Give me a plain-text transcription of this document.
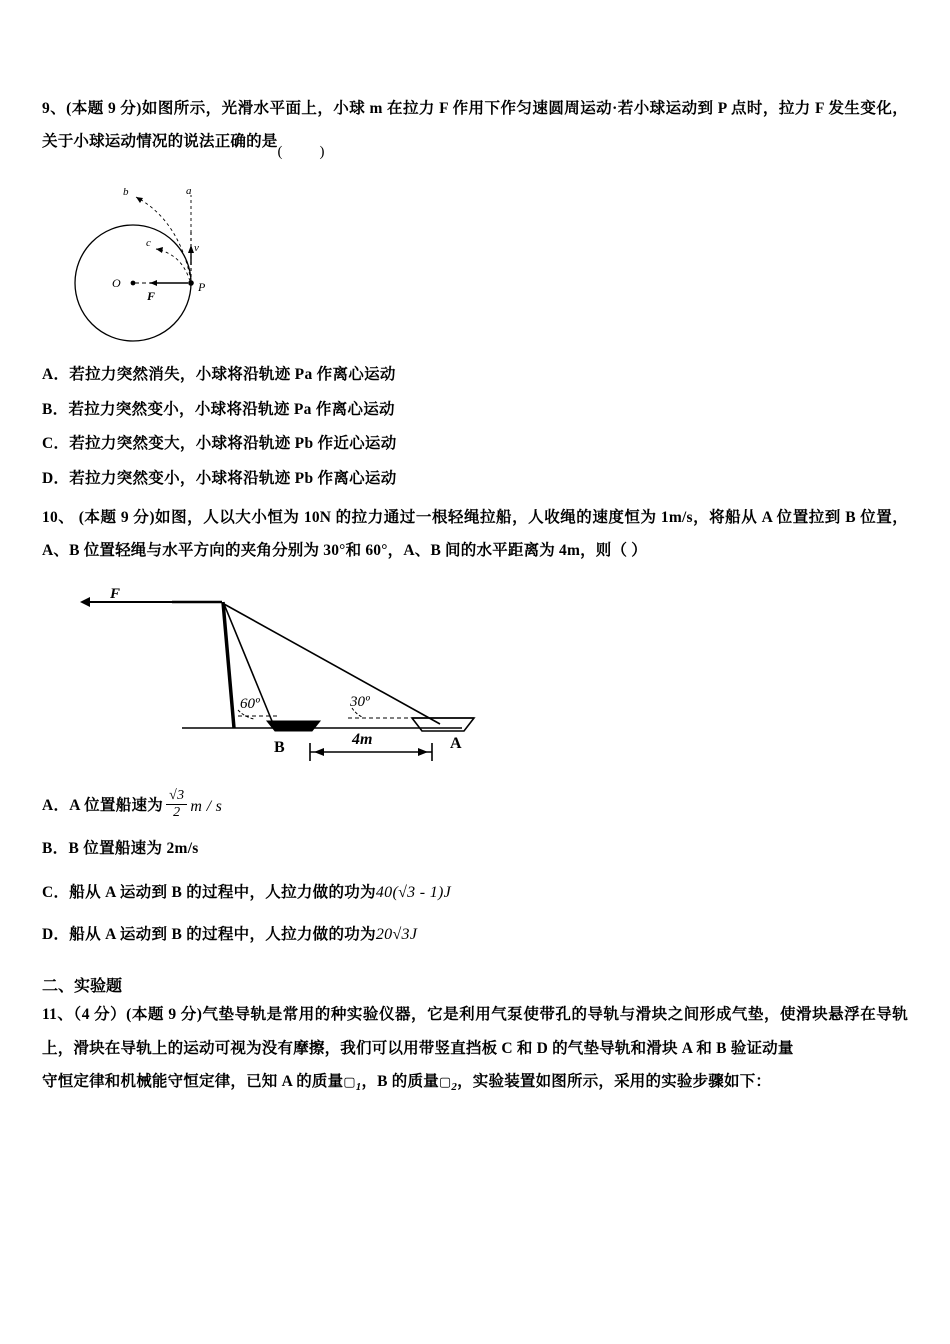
9、(本题 9 分)如图所示，光滑水平面上，小球 m 在拉力 F 作用下作匀速圆周运动·若小球运动到 P 点时，拉力 F 发生变化，关于小球运动情况的说法正确的是
( )
b	a
c	v
O
F
P
A．若拉力突然消失，小球将沿轨迹 Pa 作离心运动
B．若拉力突然变小，小球将沿轨迹 Pa 作离心运动
C．若拉力突然变大，小球将沿轨迹 Pb 作近心运动
D．若拉力突然变小，小球将沿轨迹 Pb 作离心运动
10、 (本题 9 分)如图，人以大小恒为 10N 的拉力通过一根轻绳拉船，人收绳的速度恒为 1m/s，将船从 A 位置拉到 B 位置，A、B 位置轻绳与水平方向的夹角分别为 30°和 60°，A、B 间的水平距离为 4m，则（ ）
F
60º	30º
B	A
4m
A． A 位置船速为 $\frac{√3}{2}$ m / s
B．B 位置船速为 2m/s
C． 船从 A 运动到 B 的过程中，人拉力做的功为 40(√3 - 1)J
D． 船从 A 运动到 B 的过程中，人拉力做的功为 20√3J
二、实验题
11、（4 分）(本题 9 分)气垫导轨是常用的种实验仪器，它是利用气泵使带孔的导轨与滑块之间形成气垫，使滑块悬浮在导轨上，滑块在导轨上的运动可视为没有摩擦，我们可以用带竖直挡板 C 和 D 的气垫导轨和滑块 A 和 B 验证动量
守恒定律和机械能守恒定律，已知 A 的质量$▢_1$，B 的质量$▢_2$，实验装置如图所示，采用的实验步骤如下：
